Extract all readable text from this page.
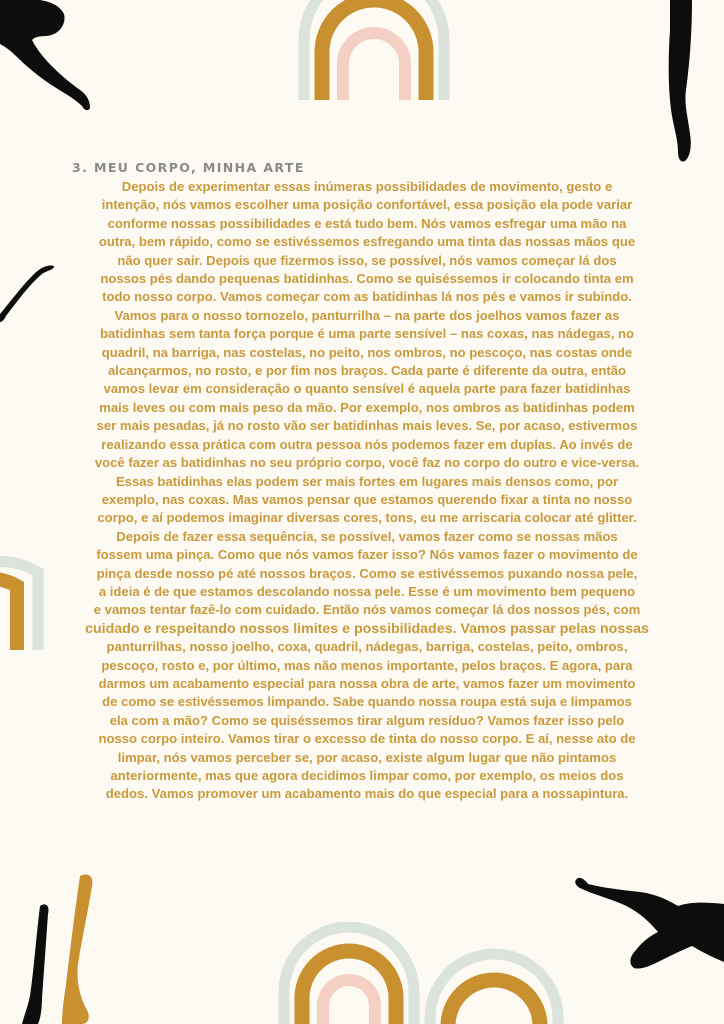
3. MEU CORPO, MINHA ARTE

Depois de experimentar essas inúmeras possibilidades de movimento, gesto e
intenção, nós vamos escolher uma posição confortável, essa posição ela pode variar
conforme nossas possibilidades e está tudo bem. Nós vamos esfregar uma mão na
outra, bem rápido, como se estivéssemos esfregando uma tinta das nossas mãos que
não quer sair. Depois que fizermos isso, se possível, nós vamos começar lá dos
nossos pés dando pequenas batidinhas. Como se quiséssemos ir colocando tinta em
todo nosso corpo. Vamos começar com as batidinhas lá nos pés e vamos ir subindo.
Vamos para o nosso tornozelo, panturrilha – na parte dos joelhos vamos fazer as
batidinhas sem tanta força porque é uma parte sensível – nas coxas, nas nádegas, no
quadril, na barriga, nas costelas, no peito, nos ombros, no pescoço, nas costas onde
alcançarmos, no rosto, e por fim nos braços. Cada parte é diferente da outra, então
vamos levar em consideração o quanto sensível é aquela parte para fazer batidinhas
mais leves ou com mais peso da mão. Por exemplo, nos ombros as batidinhas podem
ser mais pesadas, já no rosto vão ser batidinhas mais leves. Se, por acaso, estivermos
realizando essa prática com outra pessoa nós podemos fazer em duplas. Ao invés de
você fazer as batidinhas no seu próprio corpo, você faz no corpo do outro e vice-versa.
Essas batidinhas elas podem ser mais fortes em lugares mais densos como, por
exemplo, nas coxas. Mas vamos pensar que estamos querendo fixar a tinta no nosso
corpo, e aí podemos imaginar diversas cores, tons, eu me arriscaria colocar até glitter.
Depois de fazer essa sequência, se possível, vamos fazer como se nossas mãos
fossem uma pinça. Como que nós vamos fazer isso? Nós vamos fazer o movimento de
pinça desde nosso pé até nossos braços. Como se estivéssemos puxando nossa pele,
a ideia é de que estamos descolando nossa pele. Esse é um movimento bem pequeno
e vamos tentar fazê-lo com cuidado. Então nós vamos começar lá dos nossos pés, com
cuidado e respeitando nossos limites e possibilidades. Vamos passar pelas nossas
panturrilhas, nosso joelho, coxa, quadril, nádegas, barriga, costelas, peito, ombros,
pescoço, rosto e, por último, mas não menos importante, pelos braços. E agora, para
darmos um acabamento especial para nossa obra de arte, vamos fazer um movimento
de como se estivéssemos limpando. Sabe quando nossa roupa está suja e limpamos
ela com a mão? Como se quiséssemos tirar algum resíduo? Vamos fazer isso pelo
nosso corpo inteiro. Vamos tirar o excesso de tinta do nosso corpo. E aí, nesse ato de
limpar, nós vamos perceber se, por acaso, existe algum lugar que não pintamos
anteriormente, mas que agora decidimos limpar como, por exemplo, os meios dos
dedos. Vamos promover um acabamento mais do que especial para a nossapintura.
